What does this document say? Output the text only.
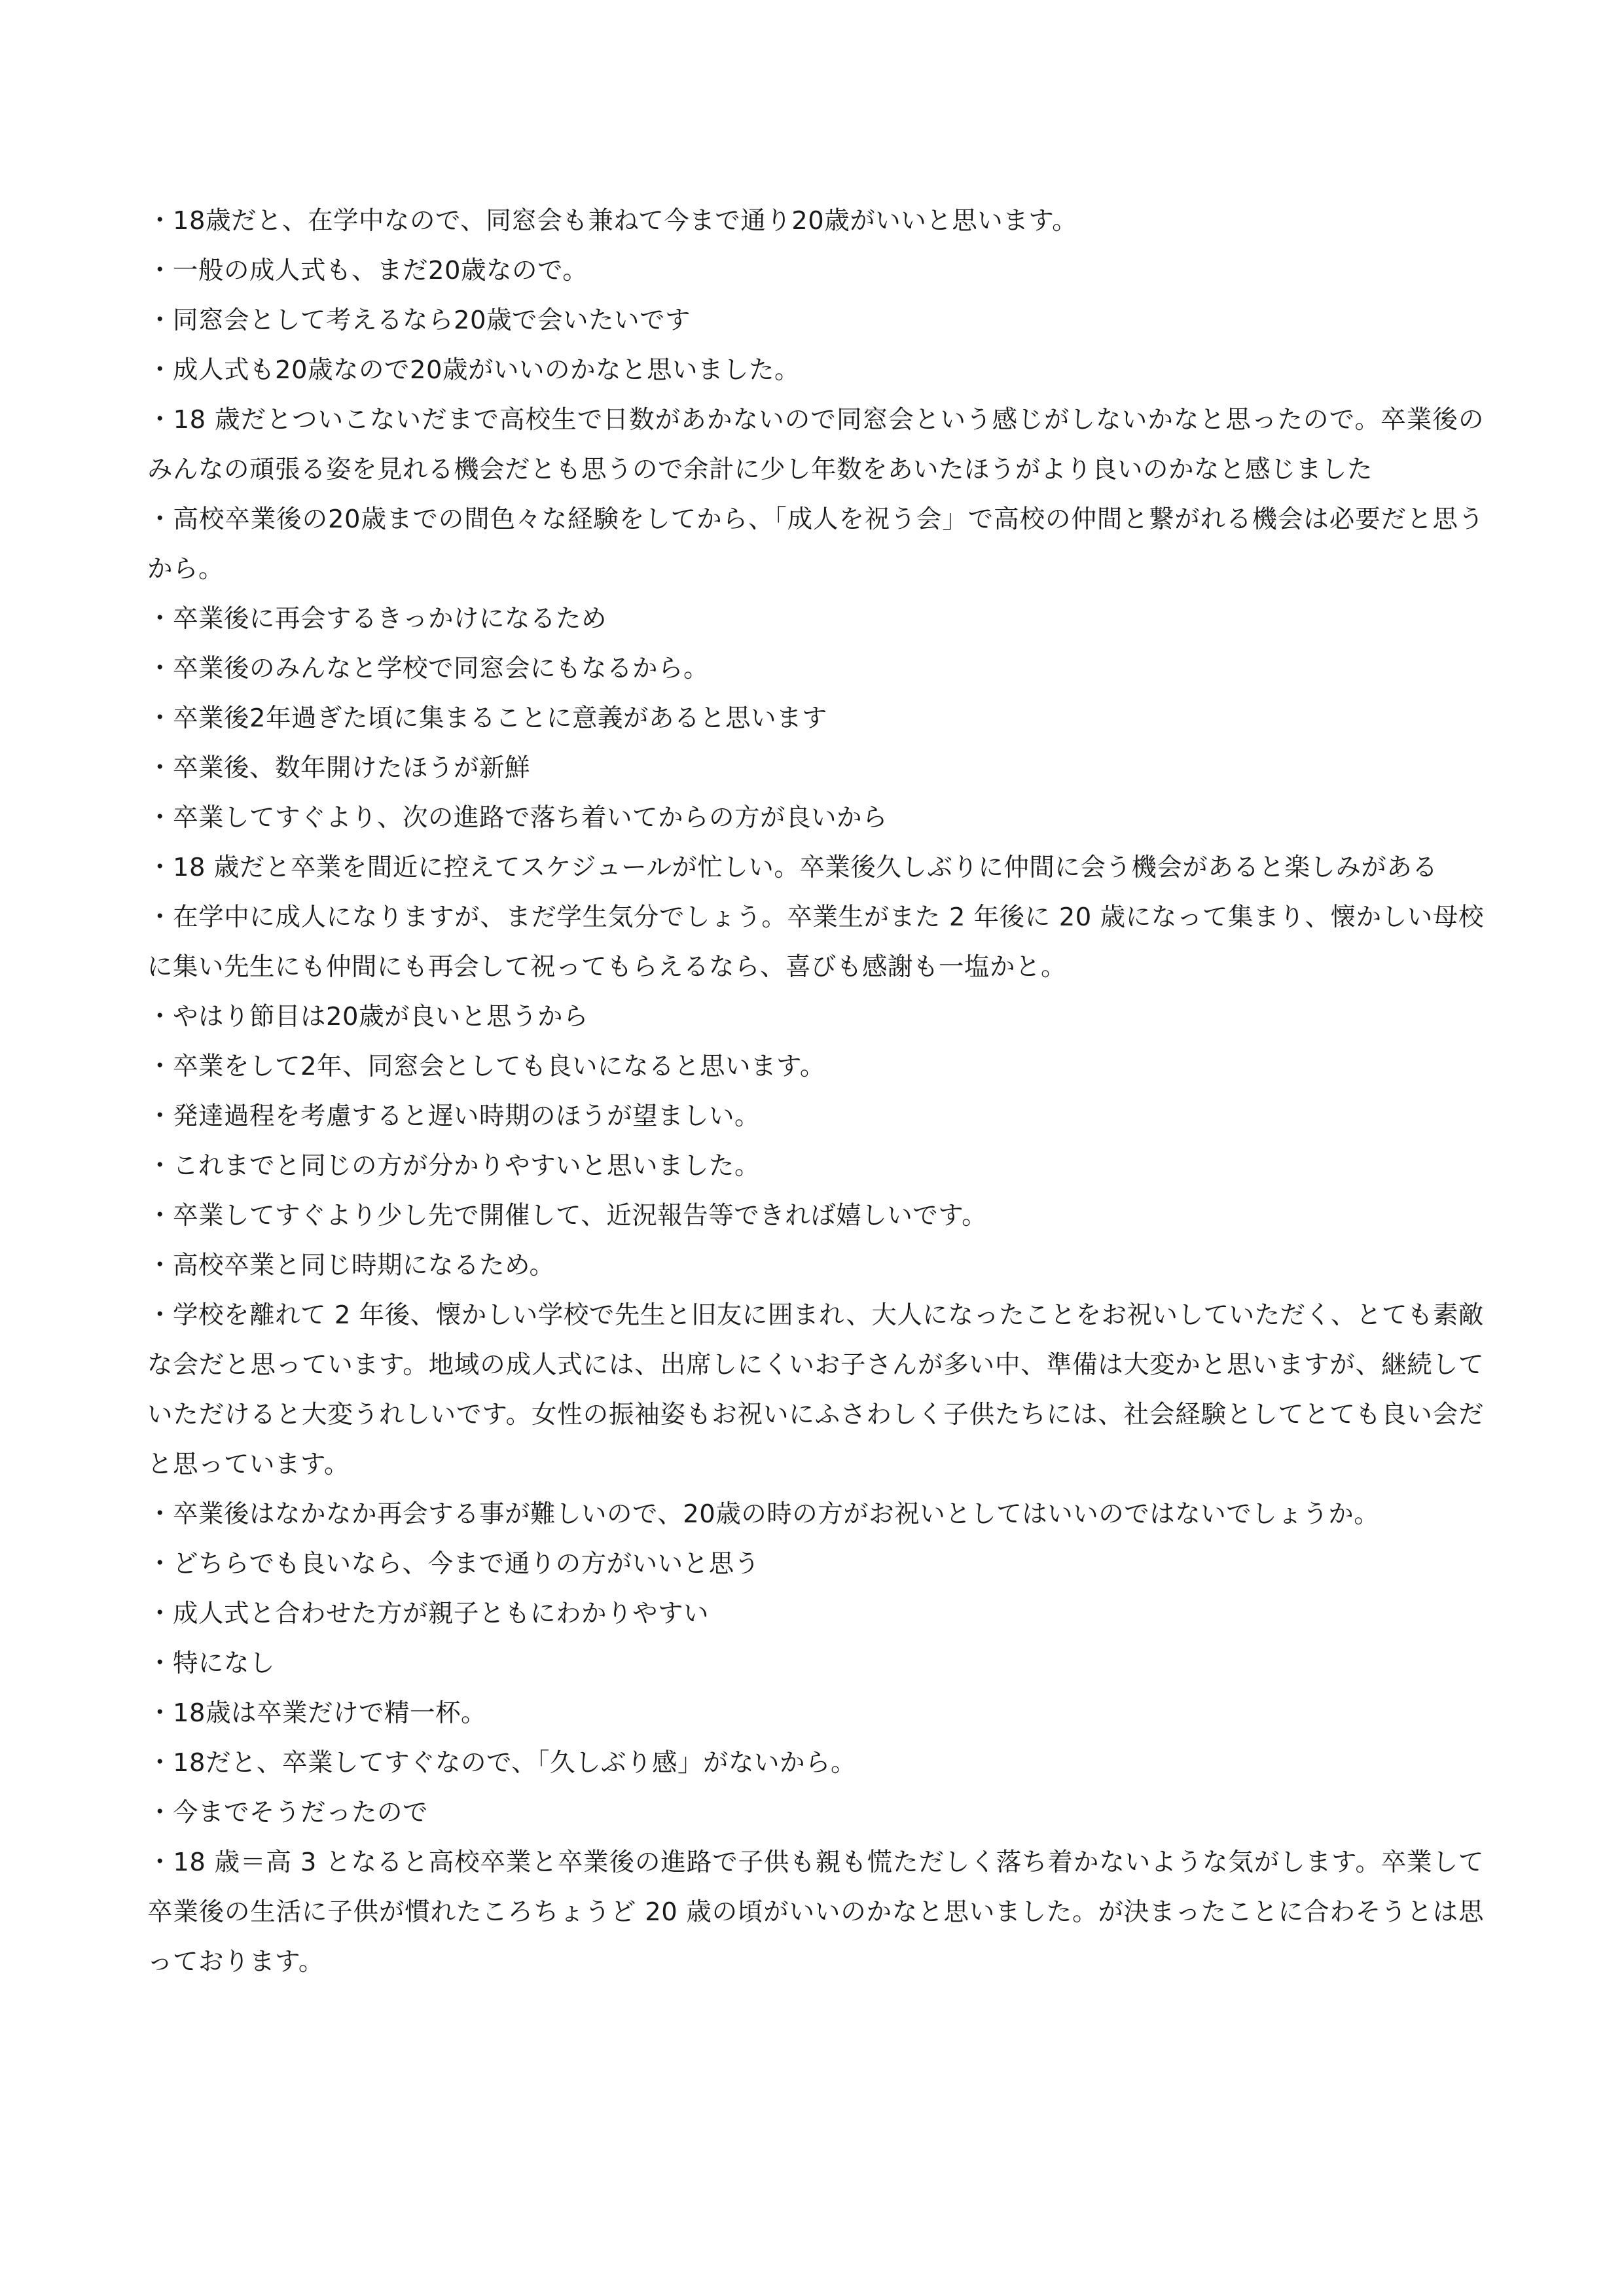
・18歳だと、在学中なので、同窓会も兼ねて今まで通り20歳がいいと思います。

・一般の成人式も、まだ20歳なので。

・同窓会として考えるなら20歳で会いたいです

・成人式も20歳なので20歳がいいのかなと思いました。

・18 歳だとついこないだまで高校生で日数があかないので同窓会という感じがしないかなと思ったので。卒業後のみんなの頑張る姿を見れる機会だとも思うので余計に少し年数をあいたほうがより良いのかなと感じました

・高校卒業後の20歳までの間色々な経験をしてから、「成人を祝う会」で高校の仲間と繋がれる機会は必要だと思うから。

・卒業後に再会するきっかけになるため

・卒業後のみんなと学校で同窓会にもなるから。

・卒業後2年過ぎた頃に集まることに意義があると思います

・卒業後、数年開けたほうが新鮮

・卒業してすぐより、次の進路で落ち着いてからの方が良いから

・18 歳だと卒業を間近に控えてスケジュールが忙しい。卒業後久しぶりに仲間に会う機会があると楽しみがある

・在学中に成人になりますが、まだ学生気分でしょう。卒業生がまた 2 年後に 20 歳になって集まり、懐かしい母校に集い先生にも仲間にも再会して祝ってもらえるなら、喜びも感謝も一塩かと。

・やはり節目は20歳が良いと思うから

・卒業をして2年、同窓会としても良いになると思います。

・発達過程を考慮すると遅い時期のほうが望ましい。

・これまでと同じの方が分かりやすいと思いました。

・卒業してすぐより少し先で開催して、近況報告等できれば嬉しいです。

・高校卒業と同じ時期になるため。

・学校を離れて 2 年後、懐かしい学校で先生と旧友に囲まれ、大人になったことをお祝いしていただく、とても素敵な会だと思っています。地域の成人式には、出席しにくいお子さんが多い中、準備は大変かと思いますが、継続していただけると大変うれしいです。女性の振袖姿もお祝いにふさわしく子供たちには、社会経験としてとても良い会だと思っています。

・卒業後はなかなか再会する事が難しいので、20歳の時の方がお祝いとしてはいいのではないでしょうか。

・どちらでも良いなら、今まで通りの方がいいと思う

・成人式と合わせた方が親子ともにわかりやすい

・特になし

・18歳は卒業だけで精一杯。

・18だと、卒業してすぐなので、「久しぶり感」がないから。

・今までそうだったので

・18 歳＝高 3 となると高校卒業と卒業後の進路で子供も親も慌ただしく落ち着かないような気がします。卒業して卒業後の生活に子供が慣れたころちょうど 20 歳の頃がいいのかなと思いました。が決まったことに合わそうとは思っております。
